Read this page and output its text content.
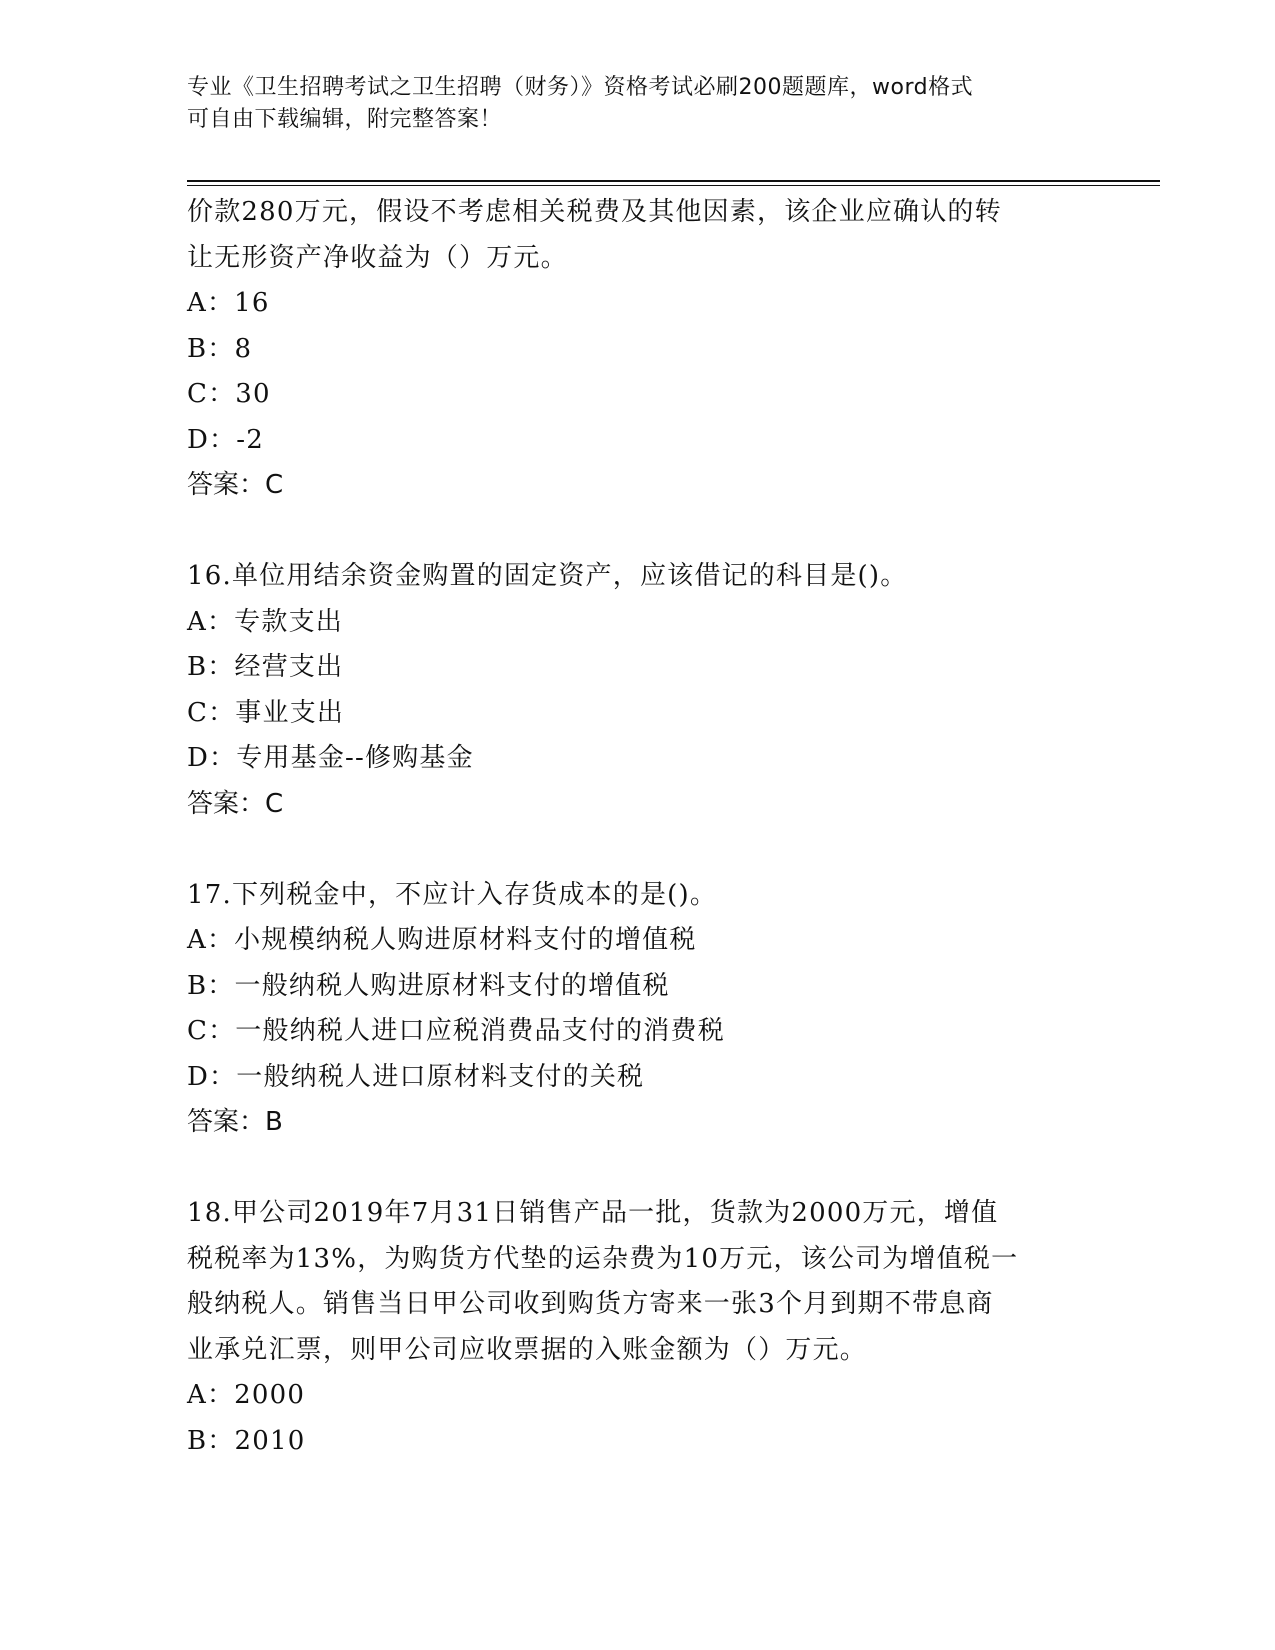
专业《卫生招聘考试之卫生招聘（财务）》资格考试必刷200题题库，word格式
可自由下载编辑，附完整答案！
价款280万元，假设不考虑相关税费及其他因素，该企业应确认的转
让无形资产净收益为（）万元。
A：16
B：8
C：30
D：-2
答案：C
16.单位用结余资金购置的固定资产，应该借记的科目是()。
A：专款支出
B：经营支出
C：事业支出
D：专用基金--修购基金
答案：C
17.下列税金中，不应计入存货成本的是()。
A：小规模纳税人购进原材料支付的增值税
B：一般纳税人购进原材料支付的增值税
C：一般纳税人进口应税消费品支付的消费税
D：一般纳税人进口原材料支付的关税
答案：B
18.甲公司2019年7月31日销售产品一批，货款为2000万元，增值
税税率为13%，为购货方代垫的运杂费为10万元，该公司为增值税一
般纳税人。销售当日甲公司收到购货方寄来一张3个月到期不带息商
业承兑汇票，则甲公司应收票据的入账金额为（）万元。
A：2000
B：2010
